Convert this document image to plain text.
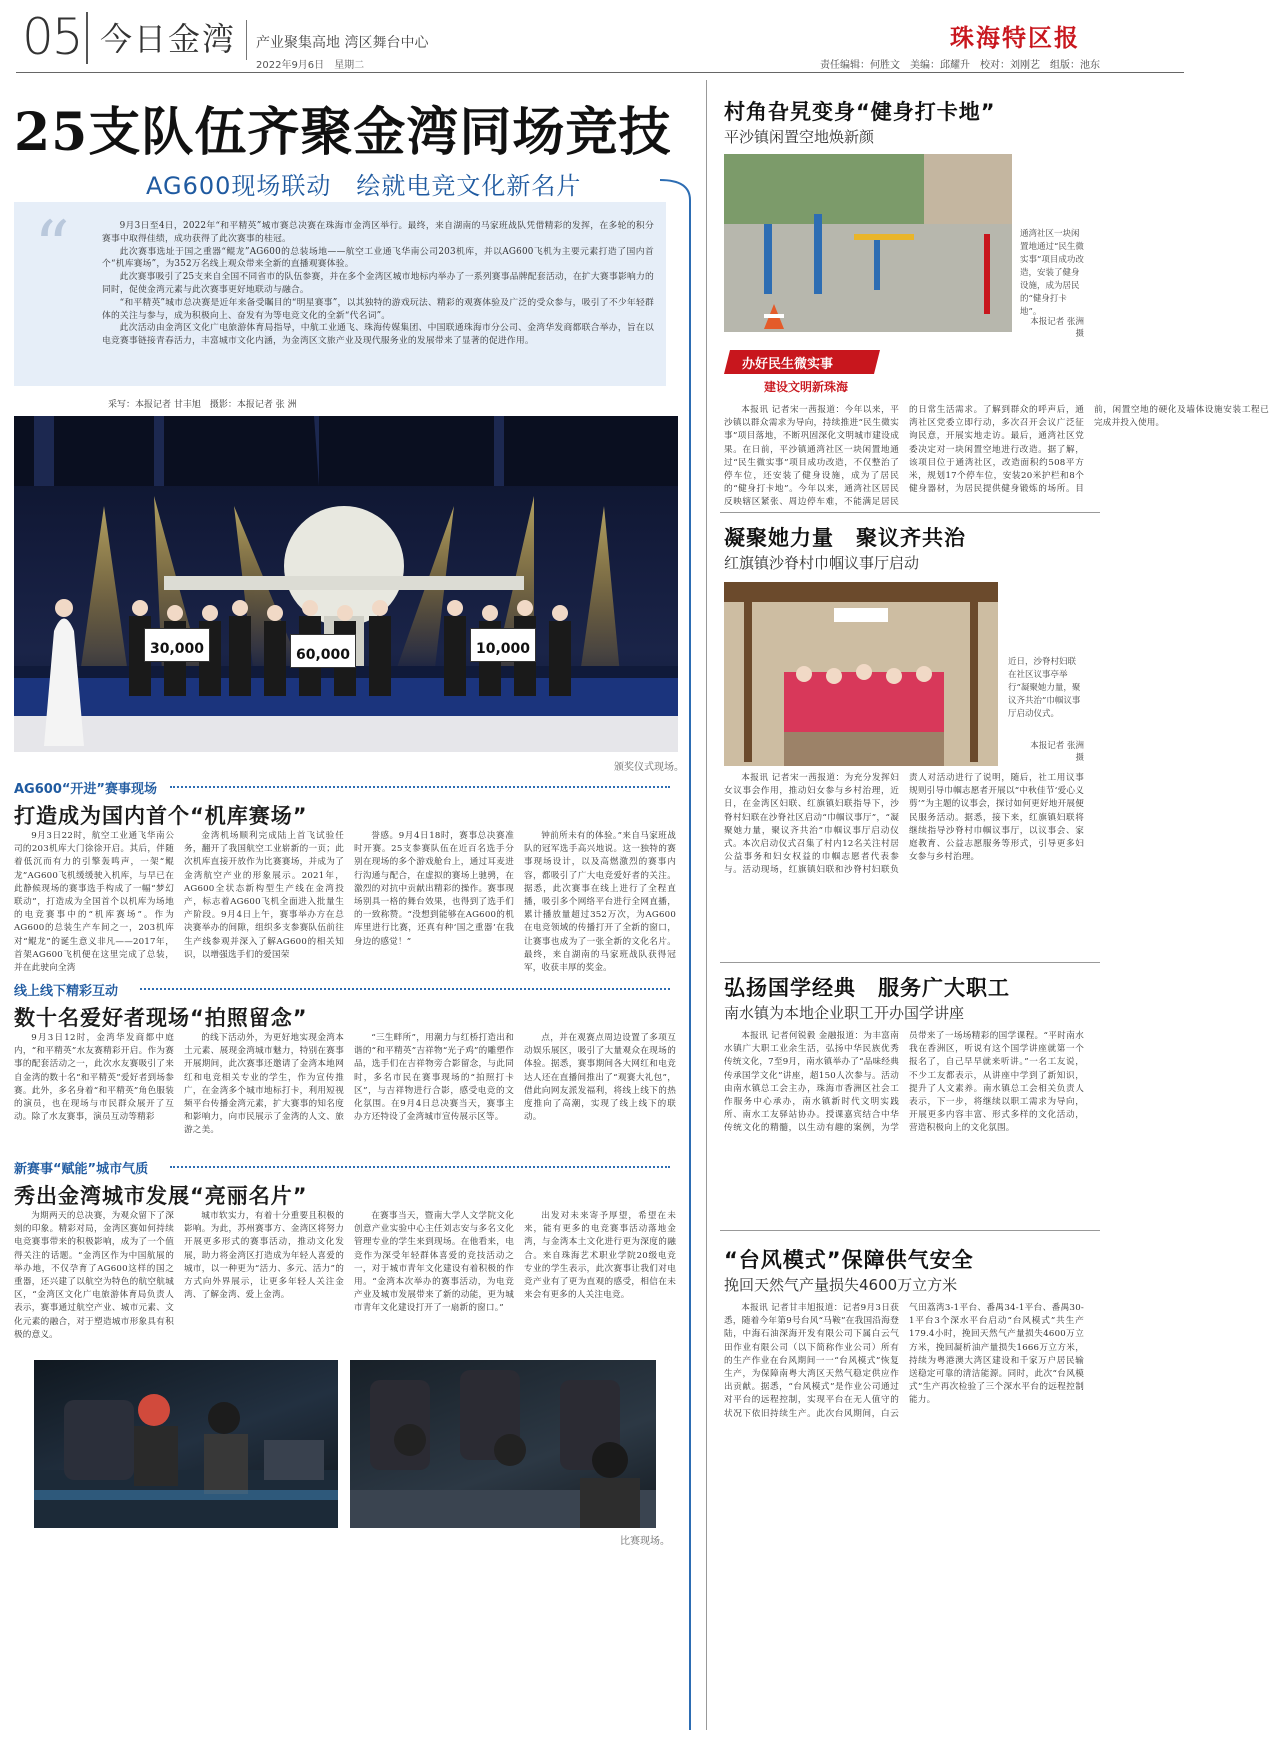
05 今日金湾 产业聚集高地 湾区舞台中心
2022年9月6日　 星期二
珠海特区报
责任编辑：何胜文　美编：邱耀升　校对：刘刚艺　组版：池东
25支队伍齐聚金湾同场竞技
AG600现场联动　绘就电竞文化新名片
“	9月3日至4日，2022年“和平精英”城市赛总决赛在珠海市金湾区举行。最终，来自湖南的马家班战队凭借精彩的发挥，在多轮的积分赛事中取得佳绩，成功获得了此次赛事的桂冠。

此次赛事选址于国之重器“鲲龙”AG600的总装场地——航空工业通飞华南公司203机库，并以AG600飞机为主要元素打造了国内首个“机库赛场”，为352万名线上观众带来全新的直播观赛体验。

此次赛事吸引了25支来自全国不同省市的队伍参赛，并在多个金湾区城市地标内举办了一系列赛事品牌配套活动，在扩大赛事影响力的同时，促使金湾元素与此次赛事更好地联动与融合。

“和平精英”城市总决赛是近年来备受瞩目的“明星赛事”，以其独特的游戏玩法、精彩的观赛体验及广泛的受众参与，吸引了不少年轻群体的关注与参与，成为积极向上、奋发有为等电竞文化的全新“代名词”。

此次活动由金湾区文化广电旅游体育局指导，中航工业通飞、珠海传媒集团、中国联通珠海市分公司、金湾华发商都联合举办，旨在以电竞赛事链接青春活力，丰富城市文化内涵，为金湾区文旅产业及现代服务业的发展带来了显著的促进作用。

采写：本报记者 甘丰旭　摄影：本报记者 张 洲
30,000	60,000	10,000
颁奖仪式现场。
AG600“开进”赛事现场
打造成为国内首个“机库赛场”

9月3日22时，航空工业通飞华南公司的203机库大门徐徐开启。其后，伴随着低沉而有力的引擎轰鸣声，一架“鲲龙”AG600飞机缓缓驶入机库，与早已在此静候现场的赛事选手构成了一幅“梦幻联动”，打造成为全国首个以机库为场地的电竞赛事中的“机库赛场”。作为AG600的总装生产车间之一，203机库对“鲲龙”的诞生意义非凡——2017年，首架AG600飞机便在这里完成了总装，并在此驶向全湾

金湾机场顺利完成陆上首飞试验任务，翻开了我国航空工业崭新的一页；此次机库直接开放作为比赛赛场，并成为了金湾航空产业的形象展示。2021年，AG600全状态新构型生产线在金湾投产，标志着AG600飞机全面进入批量生产阶段。9月4日上午，赛事举办方在总决赛举办的间隙，组织多支参赛队伍前往生产线参观并深入了解AG600的相关知识，以增强选手们的爱国荣

誉感。9月4日18时，赛事总决赛准时开赛。25支参赛队伍在近百名选手分别在现场的多个游戏舱台上，通过耳麦进行沟通与配合，在虚拟的赛场上驰骋，在激烈的对抗中贡献出精彩的操作。赛事现场别具一格的舞台效果，也得到了选手们的一致称赞。“没想到能够在AG600的机库里进行比赛，还真有种‘国之重器’在我身边的感觉！”

钟前所未有的体验。”来自马家班战队的冠军选手高兴地说。这一独特的赛事现场设计，以及高燃激烈的赛事内容，都吸引了广大电竞爱好者的关注。据悉，此次赛事在线上进行了全程直播，吸引多个网络平台进行全网直播，累计播放量超过352万次，为AG600在电竞领域的传播打开了全新的窗口，让赛事也成为了一张全新的文化名片。最终，来自湖南的马家班战队获得冠军，收获丰厚的奖金。

线上线下精彩互动
数十名爱好者现场“拍照留念”

9月3日12时，金湾华发商都中庭内，“和平精英”水友赛精彩开启。作为赛事的配套活动之一，此次水友赛吸引了来自金湾的数十名“和平精英”爱好者到场参赛。此外，多名身着“和平精英”角色服装的演员，也在现场与市民群众展开了互动。除了水友赛事，演员互动等精彩

的线下活动外，为更好地实现金湾本土元素、展现金湾城市魅力，特别在赛事开展期间，此次赛事还邀请了金湾本地网红和电竞相关专业的学生，作为宣传推广，在金湾多个城市地标打卡，利用短视频平台传播金湾元素，扩大赛事的知名度和影响力，向市民展示了金湾的人文、旅游之美。

“三生畔所”，用潮力与红桥打造出和谐的“和平精英”吉祥物“光子鸡”的雕塑作品，选手们在吉祥物旁合影留念，与此同时，多名市民在赛事现场的“拍照打卡区”，与吉祥物进行合影，感受电竞的文化氛围。在9月4日总决赛当天，赛事主办方还特设了金湾城市宣传展示区等。

点，并在观赛点周边设置了多项互动娱乐展区，吸引了大量观众在现场的体验。据悉，赛事期间各大网红和电竞达人还在直播间推出了“观赛大礼包”，借此向网友派发福利，将线上线下的热度推向了高潮，实现了线上线下的联动。

新赛事“赋能”城市气质
秀出金湾城市发展“亮丽名片”

为期两天的总决赛，为观众留下了深刻的印象。精彩对局，金湾区赛如何持续电竞赛事带来的积极影响，成为了一个值得关注的话题。“金湾区作为中国航展的举办地，不仅孕育了AG600这样的国之重器，还兴建了以航空为特色的航空航城区，“金湾区文化广电旅游体育局负责人表示，赛事通过航空产业、城市元素、文化元素的融合，对于塑造城市形象具有积极的意义。

城市软实力，有着十分重要且积极的影响。为此，苏州赛事方、金湾区将努力开展更多形式的赛事活动，推动文化发展，助力将金湾区打造成为年轻人喜爱的城市，以一种更为“活力、多元、活力”的方式向外界展示，让更多年轻人关注金湾、了解金湾、爱上金湾。

在赛事当天，暨南大学人文学院文化创意产业实验中心主任刘志安与多名文化管理专业的学生来到现场。在他看来，电竞作为深受年轻群体喜爱的竞技活动之一，对于城市青年文化建设有着积极的作用。“金湾本次举办的赛事活动，为电竞产业及城市发展带来了新的动能，更为城市青年文化建设打开了一扇新的窗口。”

出发对未来寄予厚望，希望在未来，能有更多的电竞赛事活动落地金湾，与金湾本土文化进行更为深度的融合。来自珠海艺术职业学院20级电竞专业的学生表示，此次赛事让我们对电竞产业有了更为直观的感受，相信在未来会有更多的人关注电竞。

比赛现场。
村角旮旯变身“健身打卡地”
平沙镇闲置空地焕新颜
通湾社区一块闲置地通过“民生微实事”项目成功改造，安装了健身设施，成为居民的“健身打卡地”。
本报记者 张洲 摄
办好民生微实事
建设文明新珠海

本报讯 记者宋一茜报道：今年以来，平沙镇以群众需求为导向，持续推进“民生微实事”项目落地，不断巩固深化文明城市建设成果。在日前，平沙镇通湾社区一块闲置地通过“民生微实事”项目成功改造，不仅整治了停车位，还安装了健身设施，成为了居民的“健身打卡地”。今年以来，通湾社区居民反映辖区紧张、周边停车难，不能满足居民的日常生活需求。了解到群众的呼声后，通湾社区党委立即行动，多次召开会议广泛征询民意，开展实地走访。最后，通湾社区党委决定对一块闲置空地进行改造。据了解，该项目位于通湾社区，改造面积约508平方米，规划17个停车位，安装20米护栏和8个健身器材，为居民提供健身锻炼的场所。目前，闲置空地的硬化及墙体设施安装工程已完成并投入使用。

凝聚她力量　聚议齐共治
红旗镇沙脊村巾帼议事厅启动
近日，沙脊村妇联在社区议事亭举行“凝聚她力量，聚议齐共治”巾帼议事厅启动仪式。
本报记者 张洲 摄

本报讯 记者宋一茜报道：为充分发挥妇女议事会作用，推动妇女参与乡村治理，近日，在金湾区妇联、红旗镇妇联指导下，沙脊村妇联在沙脊社区启动“巾帼议事厅”，“凝聚她力量，聚议齐共治”巾帼议事厅启动仪式。本次启动仪式召集了村内12名关注村居公益事务和妇女权益的巾帼志愿者代表参与。活动现场，红旗镇妇联和沙脊村妇联负责人对活动进行了说明，随后，社工用议事规则引导巾帼志愿者开展以“中秋佳节‘爱心义剪’”为主题的议事会，探讨如何更好地开展便民服务活动。据悉，接下来，红旗镇妇联将继续指导沙脊村巾帼议事厅，以议事会、家庭教育、公益志愿服务等形式，引导更多妇女参与乡村治理。

弘扬国学经典　服务广大职工
南水镇为本地企业职工开办国学讲座

本报讯 记者何锐毅 金融报道：为丰富南水镇广大职工业余生活，弘扬中华民族优秀传统文化，7至9月，南水镇举办了“品味经典 传承国学文化”讲座，超150人次参与。活动由南水镇总工会主办，珠海市香洲区社会工作服务中心承办，南水镇新时代文明实践所、南水工友驿站协办。授课嘉宾结合中华传统文化的精髓，以生动有趣的案例，为学员带来了一场场精彩的国学课程。“平时南水我在香洲区，听说有这个国学讲座就第一个报名了，自己早早就来听讲。”一名工友说，不少工友都表示，从讲座中学到了新知识，提升了人文素养。南水镇总工会相关负责人表示，下一步，将继续以职工需求为导向，开展更多内容丰富、形式多样的文化活动，营造积极向上的文化氛围。

“台风模式”保障供气安全
挽回天然气产量损失4600万立方米

本报讯 记者甘丰旭报道：记者9月3日获悉，随着今年第9号台风“马鞍”在我国沿海登陆，中海石油深海开发有限公司下属白云气田作业有限公司（以下简称作业公司）所有的生产作业在台风期间一一“台风模式”恢复生产，为保障南粤大湾区天然气稳定供应作出贡献。据悉，“台风模式”是作业公司通过对平台的远程控制，实现平台在无人值守的状况下依旧持续生产。此次台风期间，白云气田荔湾3-1平台、番禺34-1平台、番禺30-1平台3个深水平台启动“台风模式”共生产179.4小时，挽回天然气产量损失4600万立方米，挽回凝析油产量损失1666万立方米，持续为粤港澳大湾区建设和千家万户居民输送稳定可靠的清洁能源。同时，此次“台风模式”生产再次检验了三个深水平台的远程控制能力。
